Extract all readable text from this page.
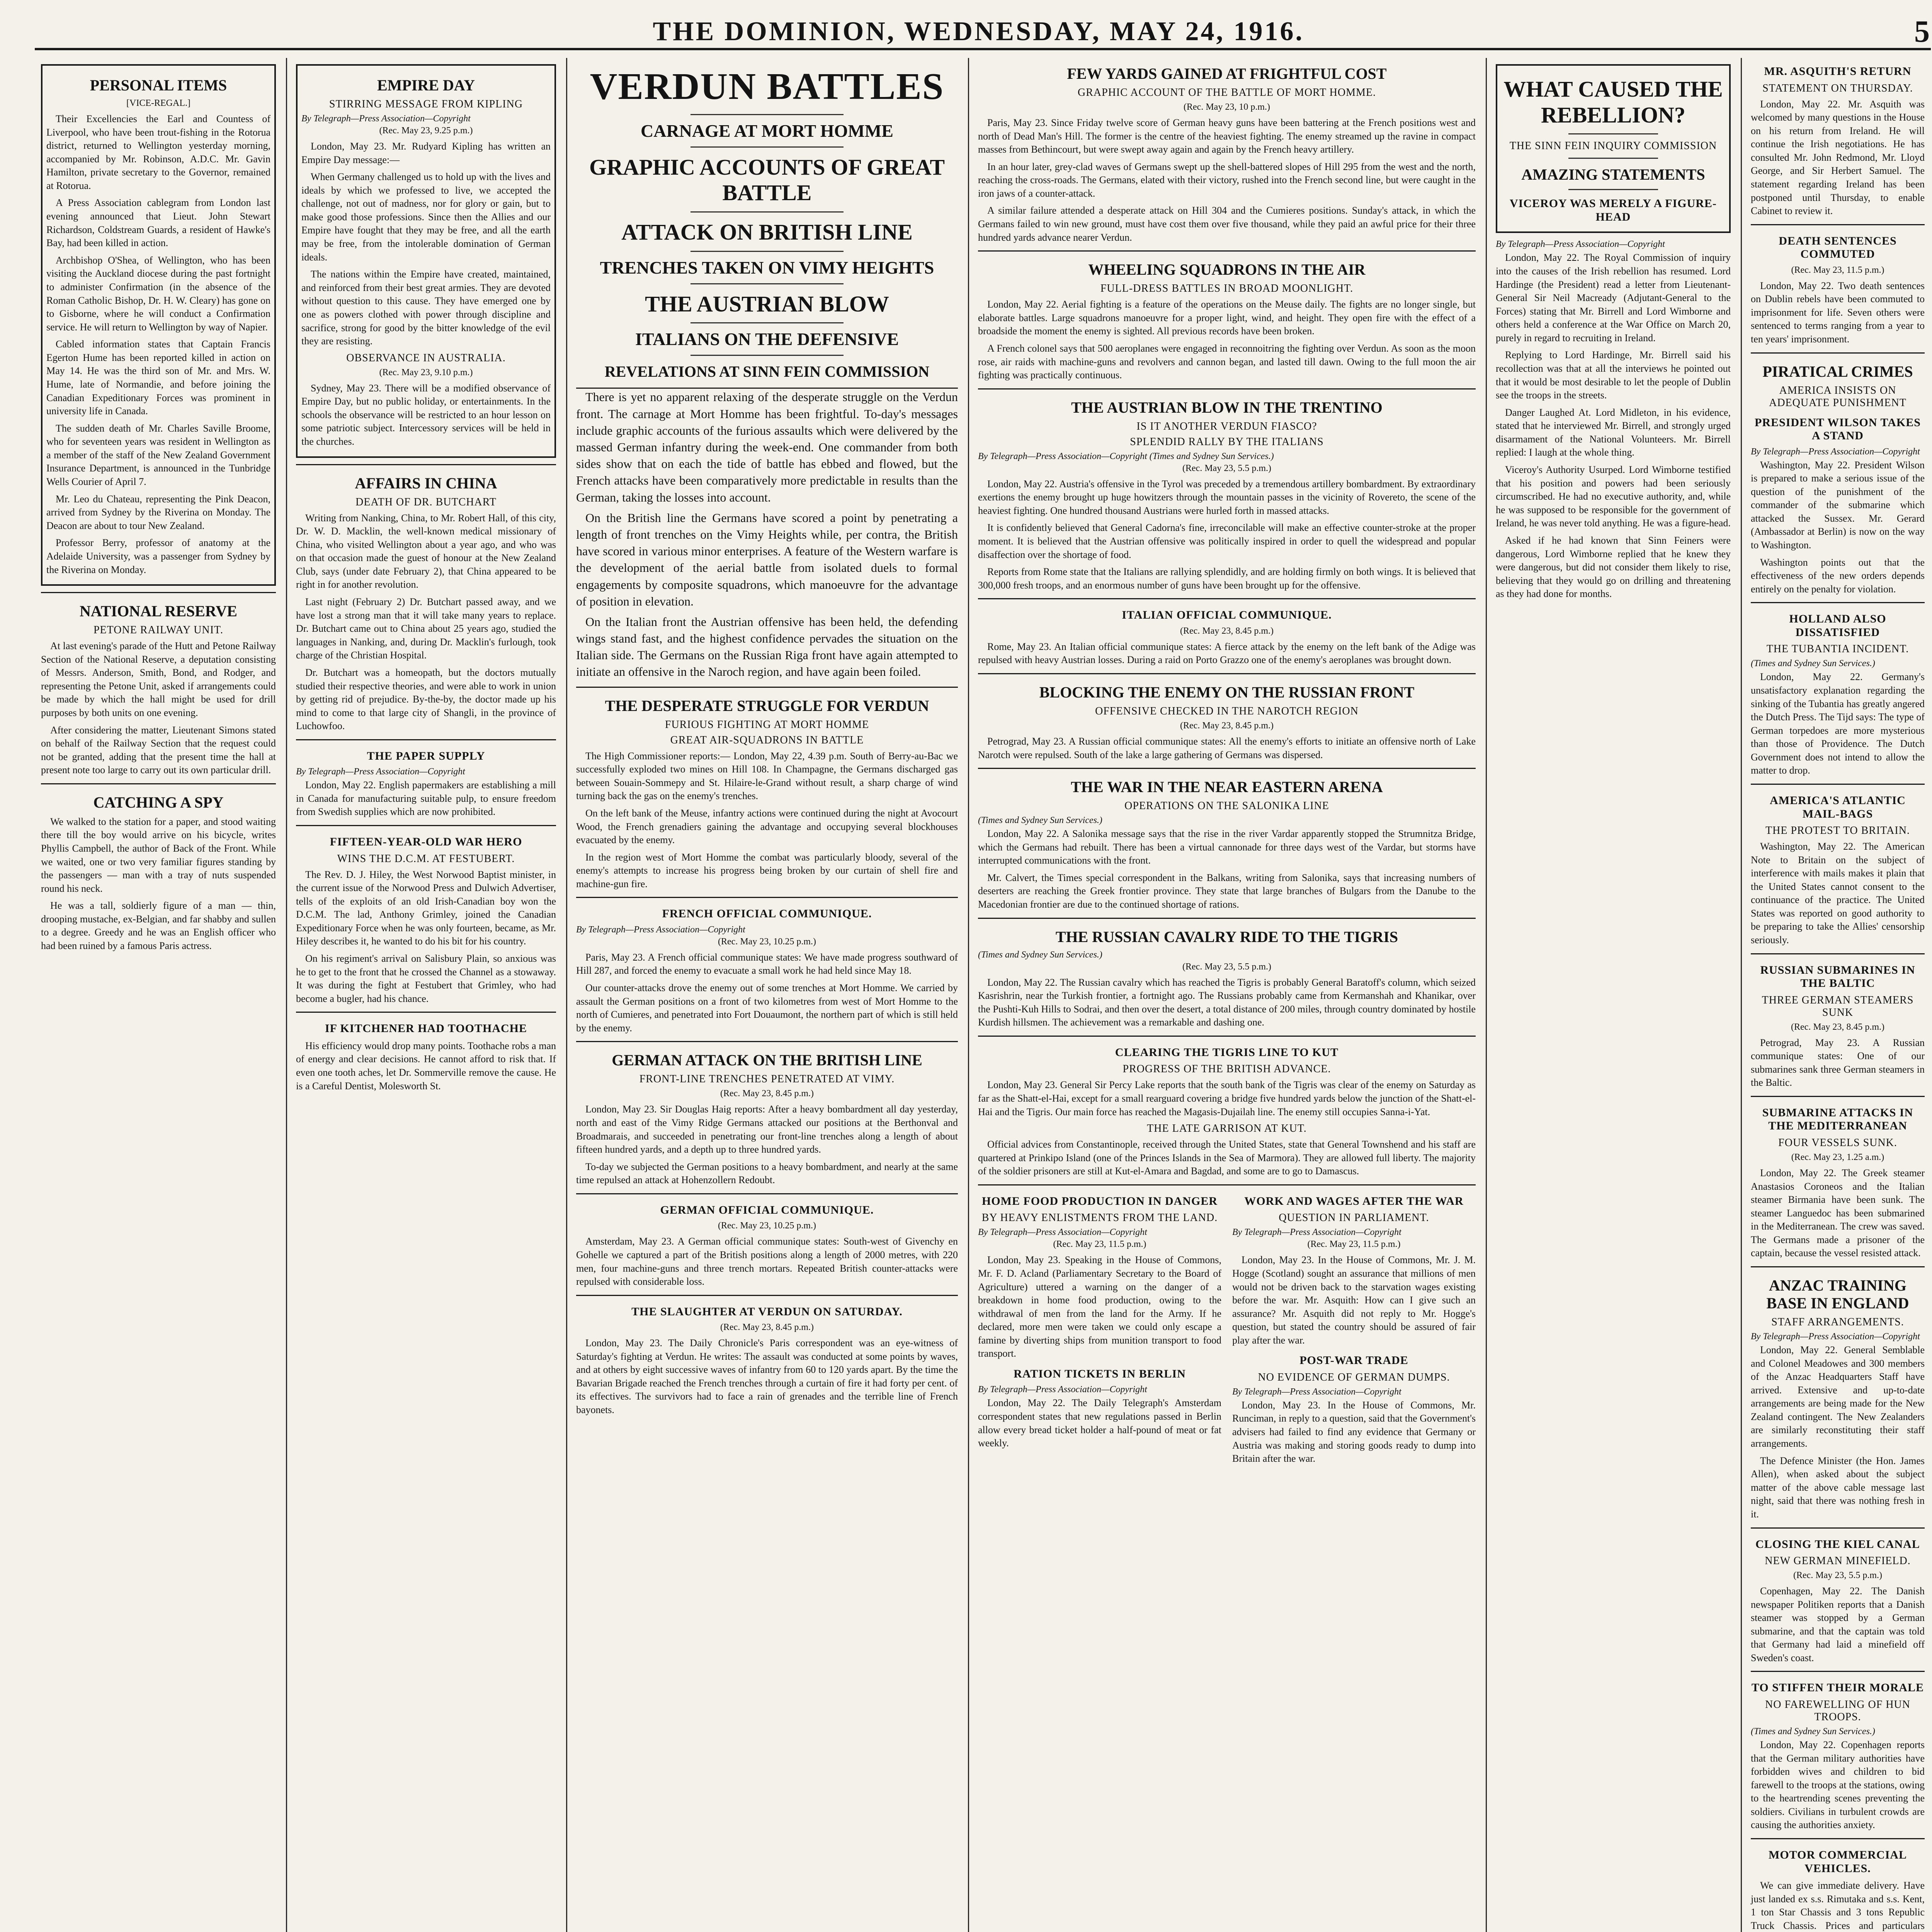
THE DOMINION, WEDNESDAY, MAY 24, 1916.	5
PERSONAL ITEMS
[VICE-REGAL.]

Their Excellencies the Earl and Countess of Liverpool, who have been trout-fishing in the Rotorua district, returned to Wellington yesterday morning, accompanied by Mr. Robinson, A.D.C. Mr. Gavin Hamilton, private secretary to the Governor, remained at Rotorua.

A Press Association cablegram from London last evening announced that Lieut. John Stewart Richardson, Coldstream Guards, a resident of Hawke's Bay, had been killed in action.

Archbishop O'Shea, of Wellington, who has been visiting the Auckland diocese during the past fortnight to administer Confirmation (in the absence of the Roman Catholic Bishop, Dr. H. W. Cleary) has gone on to Gisborne, where he will conduct a Confirmation service. He will return to Wellington by way of Napier.

Cabled information states that Captain Francis Egerton Hume has been reported killed in action on May 14. He was the third son of Mr. and Mrs. W. Hume, late of Normandie, and before joining the Canadian Expeditionary Forces was prominent in university life in Canada.

The sudden death of Mr. Charles Saville Broome, who for seventeen years was resident in Wellington as a member of the staff of the New Zealand Government Insurance Department, is announced in the Tunbridge Wells Courier of April 7.

Mr. Leo du Chateau, representing the Pink Deacon, arrived from Sydney by the Riverina on Monday. The Deacon are about to tour New Zealand.

Professor Berry, professor of anatomy at the Adelaide University, was a passenger from Sydney by the Riverina on Monday.

NATIONAL RESERVE
PETONE RAILWAY UNIT.

At last evening's parade of the Hutt and Petone Railway Section of the National Reserve, a deputation consisting of Messrs. Anderson, Smith, Bond, and Rodger, and representing the Petone Unit, asked if arrangements could be made by which the hall might be used for drill purposes by both units on one evening.

After considering the matter, Lieutenant Simons stated on behalf of the Railway Section that the request could not be granted, adding that the present time the hall at present note too large to carry out its own particular drill.

CATCHING A SPY

We walked to the station for a paper, and stood waiting there till the boy would arrive on his bicycle, writes Phyllis Campbell, the author of Back of the Front. While we waited, one or two very familiar figures standing by the passengers — man with a tray of nuts suspended round his neck.

He was a tall, soldierly figure of a man — thin, drooping mustache, ex-Belgian, and far shabby and sullen to a degree. Greedy and he was an English officer who had been ruined by a famous Paris actress.

EMPIRE DAY
STIRRING MESSAGE FROM KIPLING
By Telegraph—Press Association—Copyright
(Rec. May 23, 9.25 p.m.)

London, May 23. Mr. Rudyard Kipling has written an Empire Day message:—

When Germany challenged us to hold up with the lives and ideals by which we professed to live, we accepted the challenge, not out of madness, nor for glory or gain, but to make good those professions. Since then the Allies and our Empire have fought that they may be free, and all the earth may be free, from the intolerable domination of German ideals.

The nations within the Empire have created, maintained, and reinforced from their best great armies. They are devoted without question to this cause. They have emerged one by one as powers clothed with power through discipline and sacrifice, strong for good by the bitter knowledge of the evil they are resisting.

OBSERVANCE IN AUSTRALIA.
(Rec. May 23, 9.10 p.m.)

Sydney, May 23. There will be a modified observance of Empire Day, but no public holiday, or entertainments. In the schools the observance will be restricted to an hour lesson on some patriotic subject. Intercessory services will be held in the churches.

AFFAIRS IN CHINA
DEATH OF DR. BUTCHART

Writing from Nanking, China, to Mr. Robert Hall, of this city, Dr. W. D. Macklin, the well-known medical missionary of China, who visited Wellington about a year ago, and who was on that occasion made the guest of honour at the New Zealand Club, says (under date February 2), that China appeared to be right in for another revolution.

Last night (February 2) Dr. Butchart passed away, and we have lost a strong man that it will take many years to replace. Dr. Butchart came out to China about 25 years ago, studied the languages in Nanking, and, during Dr. Macklin's furlough, took charge of the Christian Hospital.

Dr. Butchart was a homeopath, but the doctors mutually studied their respective theories, and were able to work in union by getting rid of prejudice. By-the-by, the doctor made up his mind to come to that large city of Shangli, in the province of Luchowfoo.

THE PAPER SUPPLY
By Telegraph—Press Association—Copyright

London, May 22. English papermakers are establishing a mill in Canada for manufacturing suitable pulp, to ensure freedom from Swedish supplies which are now prohibited.

FIFTEEN-YEAR-OLD WAR HERO
WINS THE D.C.M. AT FESTUBERT.

The Rev. D. J. Hiley, the West Norwood Baptist minister, in the current issue of the Norwood Press and Dulwich Advertiser, tells of the exploits of an old Irish-Canadian boy won the D.C.M. The lad, Anthony Grimley, joined the Canadian Expeditionary Force when he was only fourteen, became, as Mr. Hiley describes it, he wanted to do his bit for his country.

On his regiment's arrival on Salisbury Plain, so anxious was he to get to the front that he crossed the Channel as a stowaway. It was during the fight at Festubert that Grimley, who had become a bugler, had his chance.

IF KITCHENER HAD TOOTHACHE

His efficiency would drop many points. Toothache robs a man of energy and clear decisions. He cannot afford to risk that. If even one tooth aches, let Dr. Sommerville remove the cause. He is a Careful Dentist, Molesworth St.

VERDUN BATTLES
CARNAGE AT MORT HOMME
GRAPHIC ACCOUNTS OF GREAT BATTLE
ATTACK ON BRITISH LINE
TRENCHES TAKEN ON VIMY HEIGHTS
THE AUSTRIAN BLOW
ITALIANS ON THE DEFENSIVE
REVELATIONS AT SINN FEIN COMMISSION

There is yet no apparent relaxing of the desperate struggle on the Verdun front. The carnage at Mort Homme has been frightful. To-day's messages include graphic accounts of the furious assaults which were delivered by the massed German infantry during the week-end. One commander from both sides show that on each the tide of battle has ebbed and flowed, but the French attacks have been comparatively more predictable in results than the German, taking the losses into account.

On the British line the Germans have scored a point by penetrating a length of front trenches on the Vimy Heights while, per contra, the British have scored in various minor enterprises. A feature of the Western warfare is the development of the aerial battle from isolated duels to formal engagements by composite squadrons, which manoeuvre for the advantage of position in elevation.

On the Italian front the Austrian offensive has been held, the defending wings stand fast, and the highest confidence pervades the situation on the Italian side. The Germans on the Russian Riga front have again attempted to initiate an offensive in the Naroch region, and have again been foiled.

THE DESPERATE STRUGGLE FOR VERDUN
FURIOUS FIGHTING AT MORT HOMME
GREAT AIR-SQUADRONS IN BATTLE

The High Commissioner reports:— London, May 22, 4.39 p.m. South of Berry-au-Bac we successfully exploded two mines on Hill 108. In Champagne, the Germans discharged gas between Souain-Sommepy and St. Hilaire-le-Grand without result, a sharp charge of wind turning back the gas on the enemy's trenches.

On the left bank of the Meuse, infantry actions were continued during the night at Avocourt Wood, the French grenadiers gaining the advantage and occupying several blockhouses evacuated by the enemy.

In the region west of Mort Homme the combat was particularly bloody, several of the enemy's attempts to increase his progress being broken by our curtain of shell fire and machine-gun fire.

FRENCH OFFICIAL COMMUNIQUE.
By Telegraph—Press Association—Copyright
(Rec. May 23, 10.25 p.m.)

Paris, May 23. A French official communique states: We have made progress southward of Hill 287, and forced the enemy to evacuate a small work he had held since May 18.

Our counter-attacks drove the enemy out of some trenches at Mort Homme. We carried by assault the German positions on a front of two kilometres from west of Mort Homme to the north of Cumieres, and penetrated into Fort Douaumont, the northern part of which is still held by the enemy.

GERMAN ATTACK ON THE BRITISH LINE
FRONT-LINE TRENCHES PENETRATED AT VIMY.
(Rec. May 23, 8.45 p.m.)

London, May 23. Sir Douglas Haig reports: After a heavy bombardment all day yesterday, north and east of the Vimy Ridge Germans attacked our positions at the Berthonval and Broadmarais, and succeeded in penetrating our front-line trenches along a length of about fifteen hundred yards, and a depth up to three hundred yards.

To-day we subjected the German positions to a heavy bombardment, and nearly at the same time repulsed an attack at Hohenzollern Redoubt.

GERMAN OFFICIAL COMMUNIQUE.
(Rec. May 23, 10.25 p.m.)

Amsterdam, May 23. A German official communique states: South-west of Givenchy en Gohelle we captured a part of the British positions along a length of 2000 metres, with 220 men, four machine-guns and three trench mortars. Repeated British counter-attacks were repulsed with considerable loss.

THE SLAUGHTER AT VERDUN ON SATURDAY.
(Rec. May 23, 8.45 p.m.)

London, May 23. The Daily Chronicle's Paris correspondent was an eye-witness of Saturday's fighting at Verdun. He writes: The assault was conducted at some points by waves, and at others by eight successive waves of infantry from 60 to 120 yards apart. By the time the Bavarian Brigade reached the French trenches through a curtain of fire it had forty per cent. of its effectives. The survivors had to face a rain of grenades and the terrible line of French bayonets.

FEW YARDS GAINED AT FRIGHTFUL COST
GRAPHIC ACCOUNT OF THE BATTLE OF MORT HOMME.
(Rec. May 23, 10 p.m.)

Paris, May 23. Since Friday twelve score of German heavy guns have been battering at the French positions west and north of Dead Man's Hill. The former is the centre of the heaviest fighting. The enemy streamed up the ravine in compact masses from Bethincourt, but were swept away again and again by the French heavy artillery.

In an hour later, grey-clad waves of Germans swept up the shell-battered slopes of Hill 295 from the west and the north, reaching the cross-roads. The Germans, elated with their victory, rushed into the French second line, but were caught in the iron jaws of a counter-attack.

A similar failure attended a desperate attack on Hill 304 and the Cumieres positions. Sunday's attack, in which the Germans failed to win new ground, must have cost them over five thousand, while they paid an awful price for their three hundred yards advance nearer Verdun.

WHEELING SQUADRONS IN THE AIR
FULL-DRESS BATTLES IN BROAD MOONLIGHT.

London, May 22. Aerial fighting is a feature of the operations on the Meuse daily. The fights are no longer single, but elaborate battles. Large squadrons manoeuvre for a proper light, wind, and height. They open fire with the effect of a broadside the moment the enemy is sighted. All previous records have been broken.

A French colonel says that 500 aeroplanes were engaged in reconnoitring the fighting over Verdun. As soon as the moon rose, air raids with machine-guns and revolvers and cannon began, and lasted till dawn. Owing to the full moon the air fighting was practically continuous.

THE AUSTRIAN BLOW IN THE TRENTINO
IS IT ANOTHER VERDUN FIASCO?
SPLENDID RALLY BY THE ITALIANS
By Telegraph—Press Association—Copyright (Times and Sydney Sun Services.)
(Rec. May 23, 5.5 p.m.)

London, May 22. Austria's offensive in the Tyrol was preceded by a tremendous artillery bombardment. By extraordinary exertions the enemy brought up huge howitzers through the mountain passes in the vicinity of Rovereto, the scene of the heaviest fighting. One hundred thousand Austrians were hurled forth in massed attacks.

It is confidently believed that General Cadorna's fine, irreconcilable will make an effective counter-stroke at the proper moment. It is believed that the Austrian offensive was politically inspired in order to quell the widespread and popular disaffection over the shortage of food.

Reports from Rome state that the Italians are rallying splendidly, and are holding firmly on both wings. It is believed that 300,000 fresh troops, and an enormous number of guns have been brought up for the offensive.

ITALIAN OFFICIAL COMMUNIQUE.
(Rec. May 23, 8.45 p.m.)

Rome, May 23. An Italian official communique states: A fierce attack by the enemy on the left bank of the Adige was repulsed with heavy Austrian losses. During a raid on Porto Grazzo one of the enemy's aeroplanes was brought down.

BLOCKING THE ENEMY ON THE RUSSIAN FRONT
OFFENSIVE CHECKED IN THE NAROTCH REGION
(Rec. May 23, 8.45 p.m.)

Petrograd, May 23. A Russian official communique states: All the enemy's efforts to initiate an offensive north of Lake Narotch were repulsed. South of the lake a large gathering of Germans was dispersed.

THE WAR IN THE NEAR EASTERN ARENA
OPERATIONS ON THE SALONIKA LINE
(Times and Sydney Sun Services.)

London, May 22. A Salonika message says that the rise in the river Vardar apparently stopped the Strumnitza Bridge, which the Germans had rebuilt. There has been a virtual cannonade for three days west of the Vardar, but storms have interrupted communications with the front.

Mr. Calvert, the Times special correspondent in the Balkans, writing from Salonika, says that increasing numbers of deserters are reaching the Greek frontier province. They state that large branches of Bulgars from the Danube to the Macedonian frontier are due to the continued shortage of rations.

THE RUSSIAN CAVALRY RIDE TO THE TIGRIS
(Times and Sydney Sun Services.)
(Rec. May 23, 5.5 p.m.)

London, May 22. The Russian cavalry which has reached the Tigris is probably General Baratoff's column, which seized Kasrishrin, near the Turkish frontier, a fortnight ago. The Russians probably came from Kermanshah and Khanikar, over the Pushti-Kuh Hills to Sodrai, and then over the desert, a total distance of 200 miles, through country dominated by hostile Kurdish hillsmen. The achievement was a remarkable and dashing one.

CLEARING THE TIGRIS LINE TO KUT
PROGRESS OF THE BRITISH ADVANCE.

London, May 23. General Sir Percy Lake reports that the south bank of the Tigris was clear of the enemy on Saturday as far as the Shatt-el-Hai, except for a small rearguard covering a bridge five hundred yards below the junction of the Shatt-el-Hai and the Tigris. Our main force has reached the Magasis-Dujailah line. The enemy still occupies Sanna-i-Yat.

THE LATE GARRISON AT KUT.

Official advices from Constantinople, received through the United States, state that General Townshend and his staff are quartered at Prinkipo Island (one of the Princes Islands in the Sea of Marmora). They are allowed full liberty. The majority of the soldier prisoners are still at Kut-el-Amara and Bagdad, and some are to go to Damascus.

HOME FOOD PRODUCTION IN DANGER
BY HEAVY ENLISTMENTS FROM THE LAND.
By Telegraph—Press Association—Copyright
(Rec. May 23, 11.5 p.m.)

London, May 23. Speaking in the House of Commons, Mr. F. D. Acland (Parliamentary Secretary to the Board of Agriculture) uttered a warning on the danger of a breakdown in home food production, owing to the withdrawal of men from the land for the Army. If he declared, more men were taken we could only escape a famine by diverting ships from munition transport to food transport.

RATION TICKETS IN BERLIN
By Telegraph—Press Association—Copyright

London, May 22. The Daily Telegraph's Amsterdam correspondent states that new regulations passed in Berlin allow every bread ticket holder a half-pound of meat or fat weekly.

WORK AND WAGES AFTER THE WAR
QUESTION IN PARLIAMENT.
By Telegraph—Press Association—Copyright
(Rec. May 23, 11.5 p.m.)

London, May 23. In the House of Commons, Mr. J. M. Hogge (Scotland) sought an assurance that millions of men would not be driven back to the starvation wages existing before the war. Mr. Asquith: How can I give such an assurance? Mr. Asquith did not reply to Mr. Hogge's question, but stated the country should be assured of fair play after the war.

POST-WAR TRADE
NO EVIDENCE OF GERMAN DUMPS.
By Telegraph—Press Association—Copyright

London, May 23. In the House of Commons, Mr. Runciman, in reply to a question, said that the Government's advisers had failed to find any evidence that Germany or Austria was making and storing goods ready to dump into Britain after the war.

WHAT CAUSED THE REBELLION?
THE SINN FEIN INQUIRY COMMISSION
AMAZING STATEMENTS
VICEROY WAS MERELY A FIGURE-HEAD
By Telegraph—Press Association—Copyright

London, May 22. The Royal Commission of inquiry into the causes of the Irish rebellion has resumed. Lord Hardinge (the President) read a letter from Lieutenant-General Sir Neil Macready (Adjutant-General to the Forces) stating that Mr. Birrell and Lord Wimborne and others held a conference at the War Office on March 20, purely in regard to recruiting in Ireland.

Replying to Lord Hardinge, Mr. Birrell said his recollection was that at all the interviews he pointed out that it would be most desirable to let the people of Dublin see the troops in the streets.

Danger Laughed At. Lord Midleton, in his evidence, stated that he interviewed Mr. Birrell, and strongly urged disarmament of the National Volunteers. Mr. Birrell replied: I laugh at the whole thing.

Viceroy's Authority Usurped. Lord Wimborne testified that his position and powers had been seriously circumscribed. He had no executive authority, and, while he was supposed to be responsible for the government of Ireland, he was never told anything. He was a figure-head.

Asked if he had known that Sinn Feiners were dangerous, Lord Wimborne replied that he knew they were dangerous, but did not consider them likely to rise, believing that they would go on drilling and threatening as they had done for months.

MR. ASQUITH'S RETURN
STATEMENT ON THURSDAY.

London, May 22. Mr. Asquith was welcomed by many questions in the House on his return from Ireland. He will continue the Irish negotiations. He has consulted Mr. John Redmond, Mr. Lloyd George, and Sir Herbert Samuel. The statement regarding Ireland has been postponed until Thursday, to enable Cabinet to review it.

DEATH SENTENCES COMMUTED
(Rec. May 23, 11.5 p.m.)

London, May 22. Two death sentences on Dublin rebels have been commuted to imprisonment for life. Seven others were sentenced to terms ranging from a year to ten years' imprisonment.

PIRATICAL CRIMES
AMERICA INSISTS ON ADEQUATE PUNISHMENT
PRESIDENT WILSON TAKES A STAND
By Telegraph—Press Association—Copyright

Washington, May 22. President Wilson is prepared to make a serious issue of the question of the punishment of the commander of the submarine which attacked the Sussex. Mr. Gerard (Ambassador at Berlin) is now on the way to Washington.

Washington points out that the effectiveness of the new orders depends entirely on the penalty for violation.

HOLLAND ALSO DISSATISFIED
THE TUBANTIA INCIDENT.
(Times and Sydney Sun Services.)

London, May 22. Germany's unsatisfactory explanation regarding the sinking of the Tubantia has greatly angered the Dutch Press. The Tijd says: The type of German torpedoes are more mysterious than those of Providence. The Dutch Government does not intend to allow the matter to drop.

AMERICA'S ATLANTIC MAIL-BAGS
THE PROTEST TO BRITAIN.

Washington, May 22. The American Note to Britain on the subject of interference with mails makes it plain that the United States cannot consent to the continuance of the practice. The United States was reported on good authority to be preparing to take the Allies' censorship seriously.

RUSSIAN SUBMARINES IN THE BALTIC
THREE GERMAN STEAMERS SUNK
(Rec. May 23, 8.45 p.m.)

Petrograd, May 23. A Russian communique states: One of our submarines sank three German steamers in the Baltic.

SUBMARINE ATTACKS IN THE MEDITERRANEAN
FOUR VESSELS SUNK.
(Rec. May 23, 1.25 a.m.)

London, May 22. The Greek steamer Anastasios Coroneos and the Italian steamer Birmania have been sunk. The steamer Languedoc has been submarined in the Mediterranean. The crew was saved. The Germans made a prisoner of the captain, because the vessel resisted attack.

ANZAC TRAINING BASE IN ENGLAND
STAFF ARRANGEMENTS.
By Telegraph—Press Association—Copyright

London, May 22. General Semblable and Colonel Meadowes and 300 members of the Anzac Headquarters Staff have arrived. Extensive and up-to-date arrangements are being made for the New Zealand contingent. The New Zealanders are similarly reconstituting their staff arrangements.

The Defence Minister (the Hon. James Allen), when asked about the subject matter of the above cable message last night, said that there was nothing fresh in it.

CLOSING THE KIEL CANAL
NEW GERMAN MINEFIELD.
(Rec. May 23, 5.5 p.m.)

Copenhagen, May 22. The Danish newspaper Politiken reports that a Danish steamer was stopped by a German submarine, and that the captain was told that Germany had laid a minefield off Sweden's coast.

TO STIFFEN THEIR MORALE
NO FAREWELLING OF HUN TROOPS.
(Times and Sydney Sun Services.)

London, May 22. Copenhagen reports that the German military authorities have forbidden wives and children to bid farewell to the troops at the stations, owing to the heartrending scenes preventing the soldiers. Civilians in turbulent crowds are causing the authorities anxiety.

MOTOR COMMERCIAL VEHICLES.

We can give immediate delivery. Have just landed ex s.s. Rimutaka and s.s. Kent, 1 ton Star Chassis and 3 tons Republic Truck Chassis. Prices and particulars
